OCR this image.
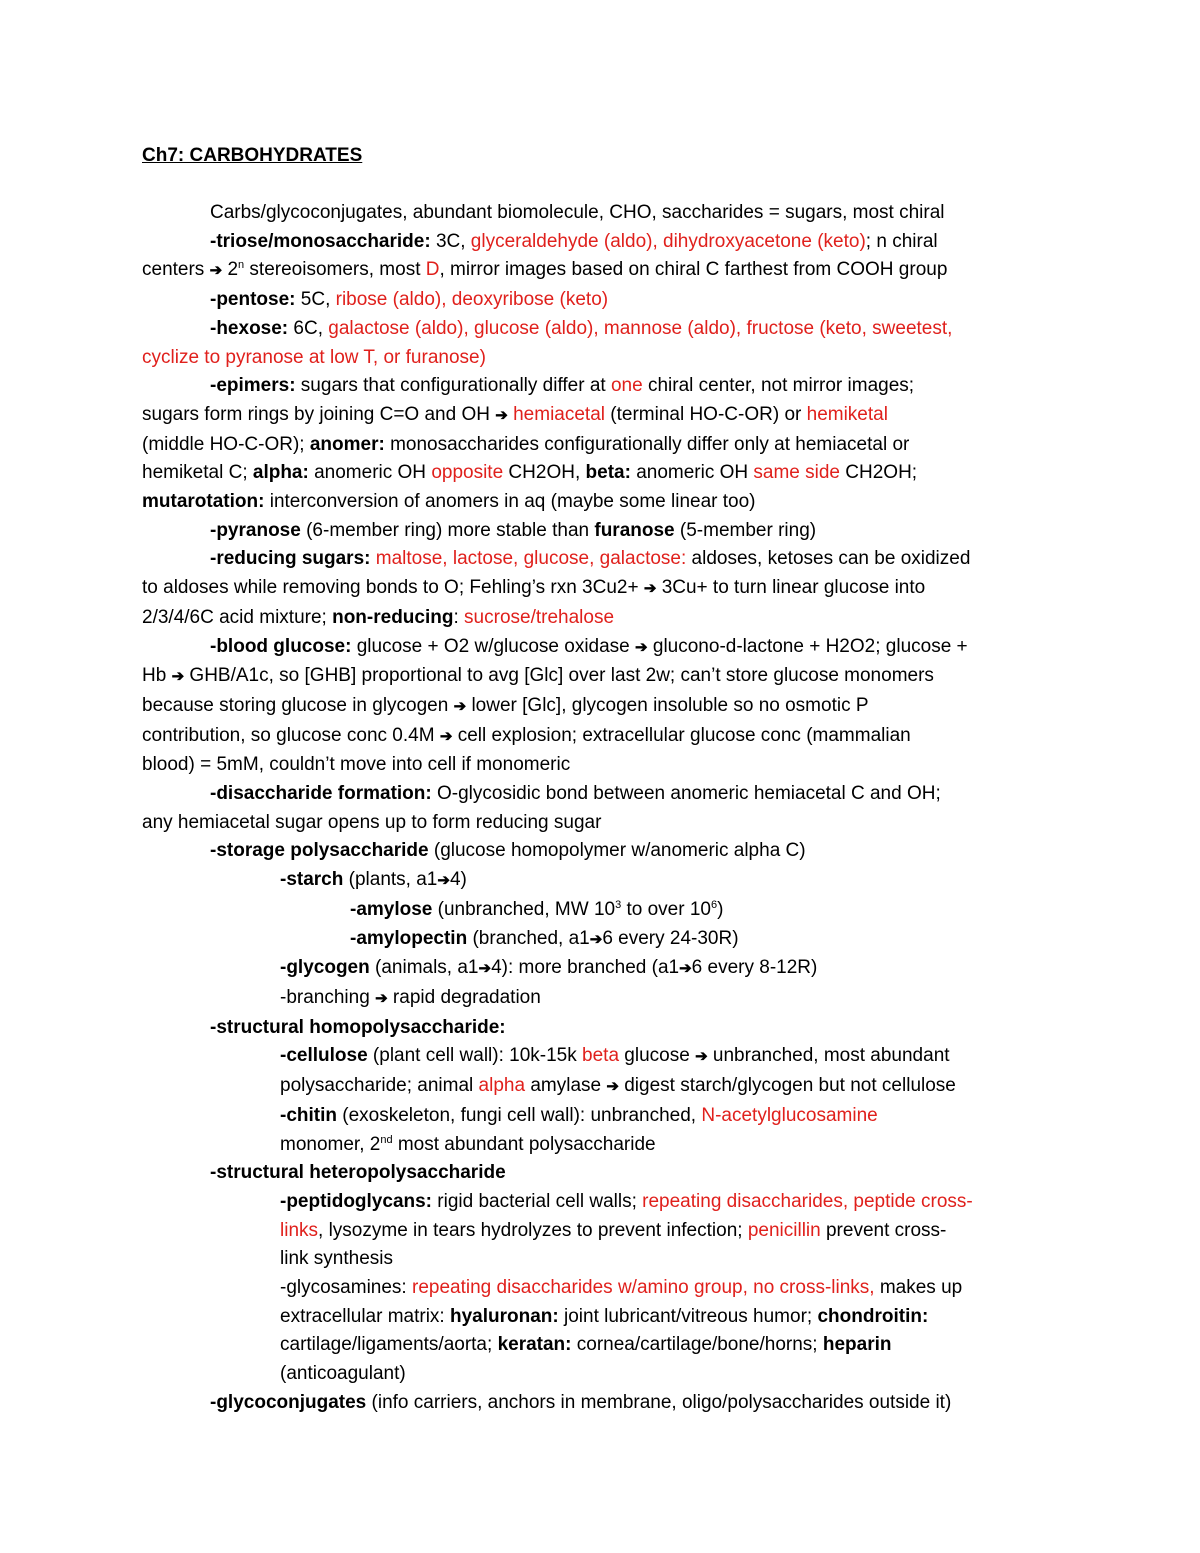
Ch7: CARBOHYDRATES

Carbs/glycoconjugates, abundant biomolecule, CHO, saccharides = sugars, most chiral

-triose/monosaccharide: 3C, glyceraldehyde (aldo), dihydroxyacetone (keto); n chiral

centers ➔ 2$^n$ stereoisomers, most D, mirror images based on chiral C farthest from COOH group

-pentose: 5C, ribose (aldo), deoxyribose (keto)

-hexose: 6C, galactose (aldo), glucose (aldo), mannose (aldo), fructose (keto, sweetest,

cyclize to pyranose at low T, or furanose)

-epimers: sugars that configurationally differ at one chiral center, not mirror images;

sugars form rings by joining C=O and OH ➔ hemiacetal (terminal HO-C-OR) or hemiketal

(middle HO-C-OR); anomer: monosaccharides configurationally differ only at hemiacetal or

hemiketal C; alpha: anomeric OH opposite CH2OH, beta: anomeric OH same side CH2OH;

mutarotation: interconversion of anomers in aq (maybe some linear too)

-pyranose (6-member ring) more stable than furanose (5-member ring)

-reducing sugars: maltose, lactose, glucose, galactose: aldoses, ketoses can be oxidized

to aldoses while removing bonds to O; Fehling’s rxn 3Cu2+ ➔ 3Cu+ to turn linear glucose into

2/3/4/6C acid mixture; non-reducing: sucrose/trehalose

-blood glucose: glucose + O2 w/glucose oxidase ➔ glucono-d-lactone + H2O2; glucose +

Hb ➔ GHB/A1c, so [GHB] proportional to avg [Glc] over last 2w; can’t store glucose monomers

because storing glucose in glycogen ➔ lower [Glc], glycogen insoluble so no osmotic P

contribution, so glucose conc 0.4M ➔ cell explosion; extracellular glucose conc (mammalian

blood) = 5mM, couldn’t move into cell if monomeric

-disaccharide formation: O-glycosidic bond between anomeric hemiacetal C and OH;

any hemiacetal sugar opens up to form reducing sugar

-storage polysaccharide (glucose homopolymer w/anomeric alpha C)

-starch (plants, a1➔4)

-amylose (unbranched, MW $10^3$ to over $10^6$)

-amylopectin (branched, a1➔6 every 24-30R)

-glycogen (animals, a1➔4): more branched (a1➔6 every 8-12R)

-branching ➔ rapid degradation

-structural homopolysaccharide:

-cellulose (plant cell wall): 10k-15k beta glucose ➔ unbranched, most abundant

polysaccharide; animal alpha amylase ➔ digest starch/glycogen but not cellulose

-chitin (exoskeleton, fungi cell wall): unbranched, N-acetylglucosamine

monomer, 2nd most abundant polysaccharide

-structural heteropolysaccharide

-peptidoglycans: rigid bacterial cell walls; repeating disaccharides, peptide cross-

links, lysozyme in tears hydrolyzes to prevent infection; penicillin prevent cross-

link synthesis

-glycosamines: repeating disaccharides w/amino group, no cross-links, makes up

extracellular matrix: hyaluronan: joint lubricant/vitreous humor; chondroitin:

cartilage/ligaments/aorta; keratan: cornea/cartilage/bone/horns; heparin

(anticoagulant)

-glycoconjugates (info carriers, anchors in membrane, oligo/polysaccharides outside it)
